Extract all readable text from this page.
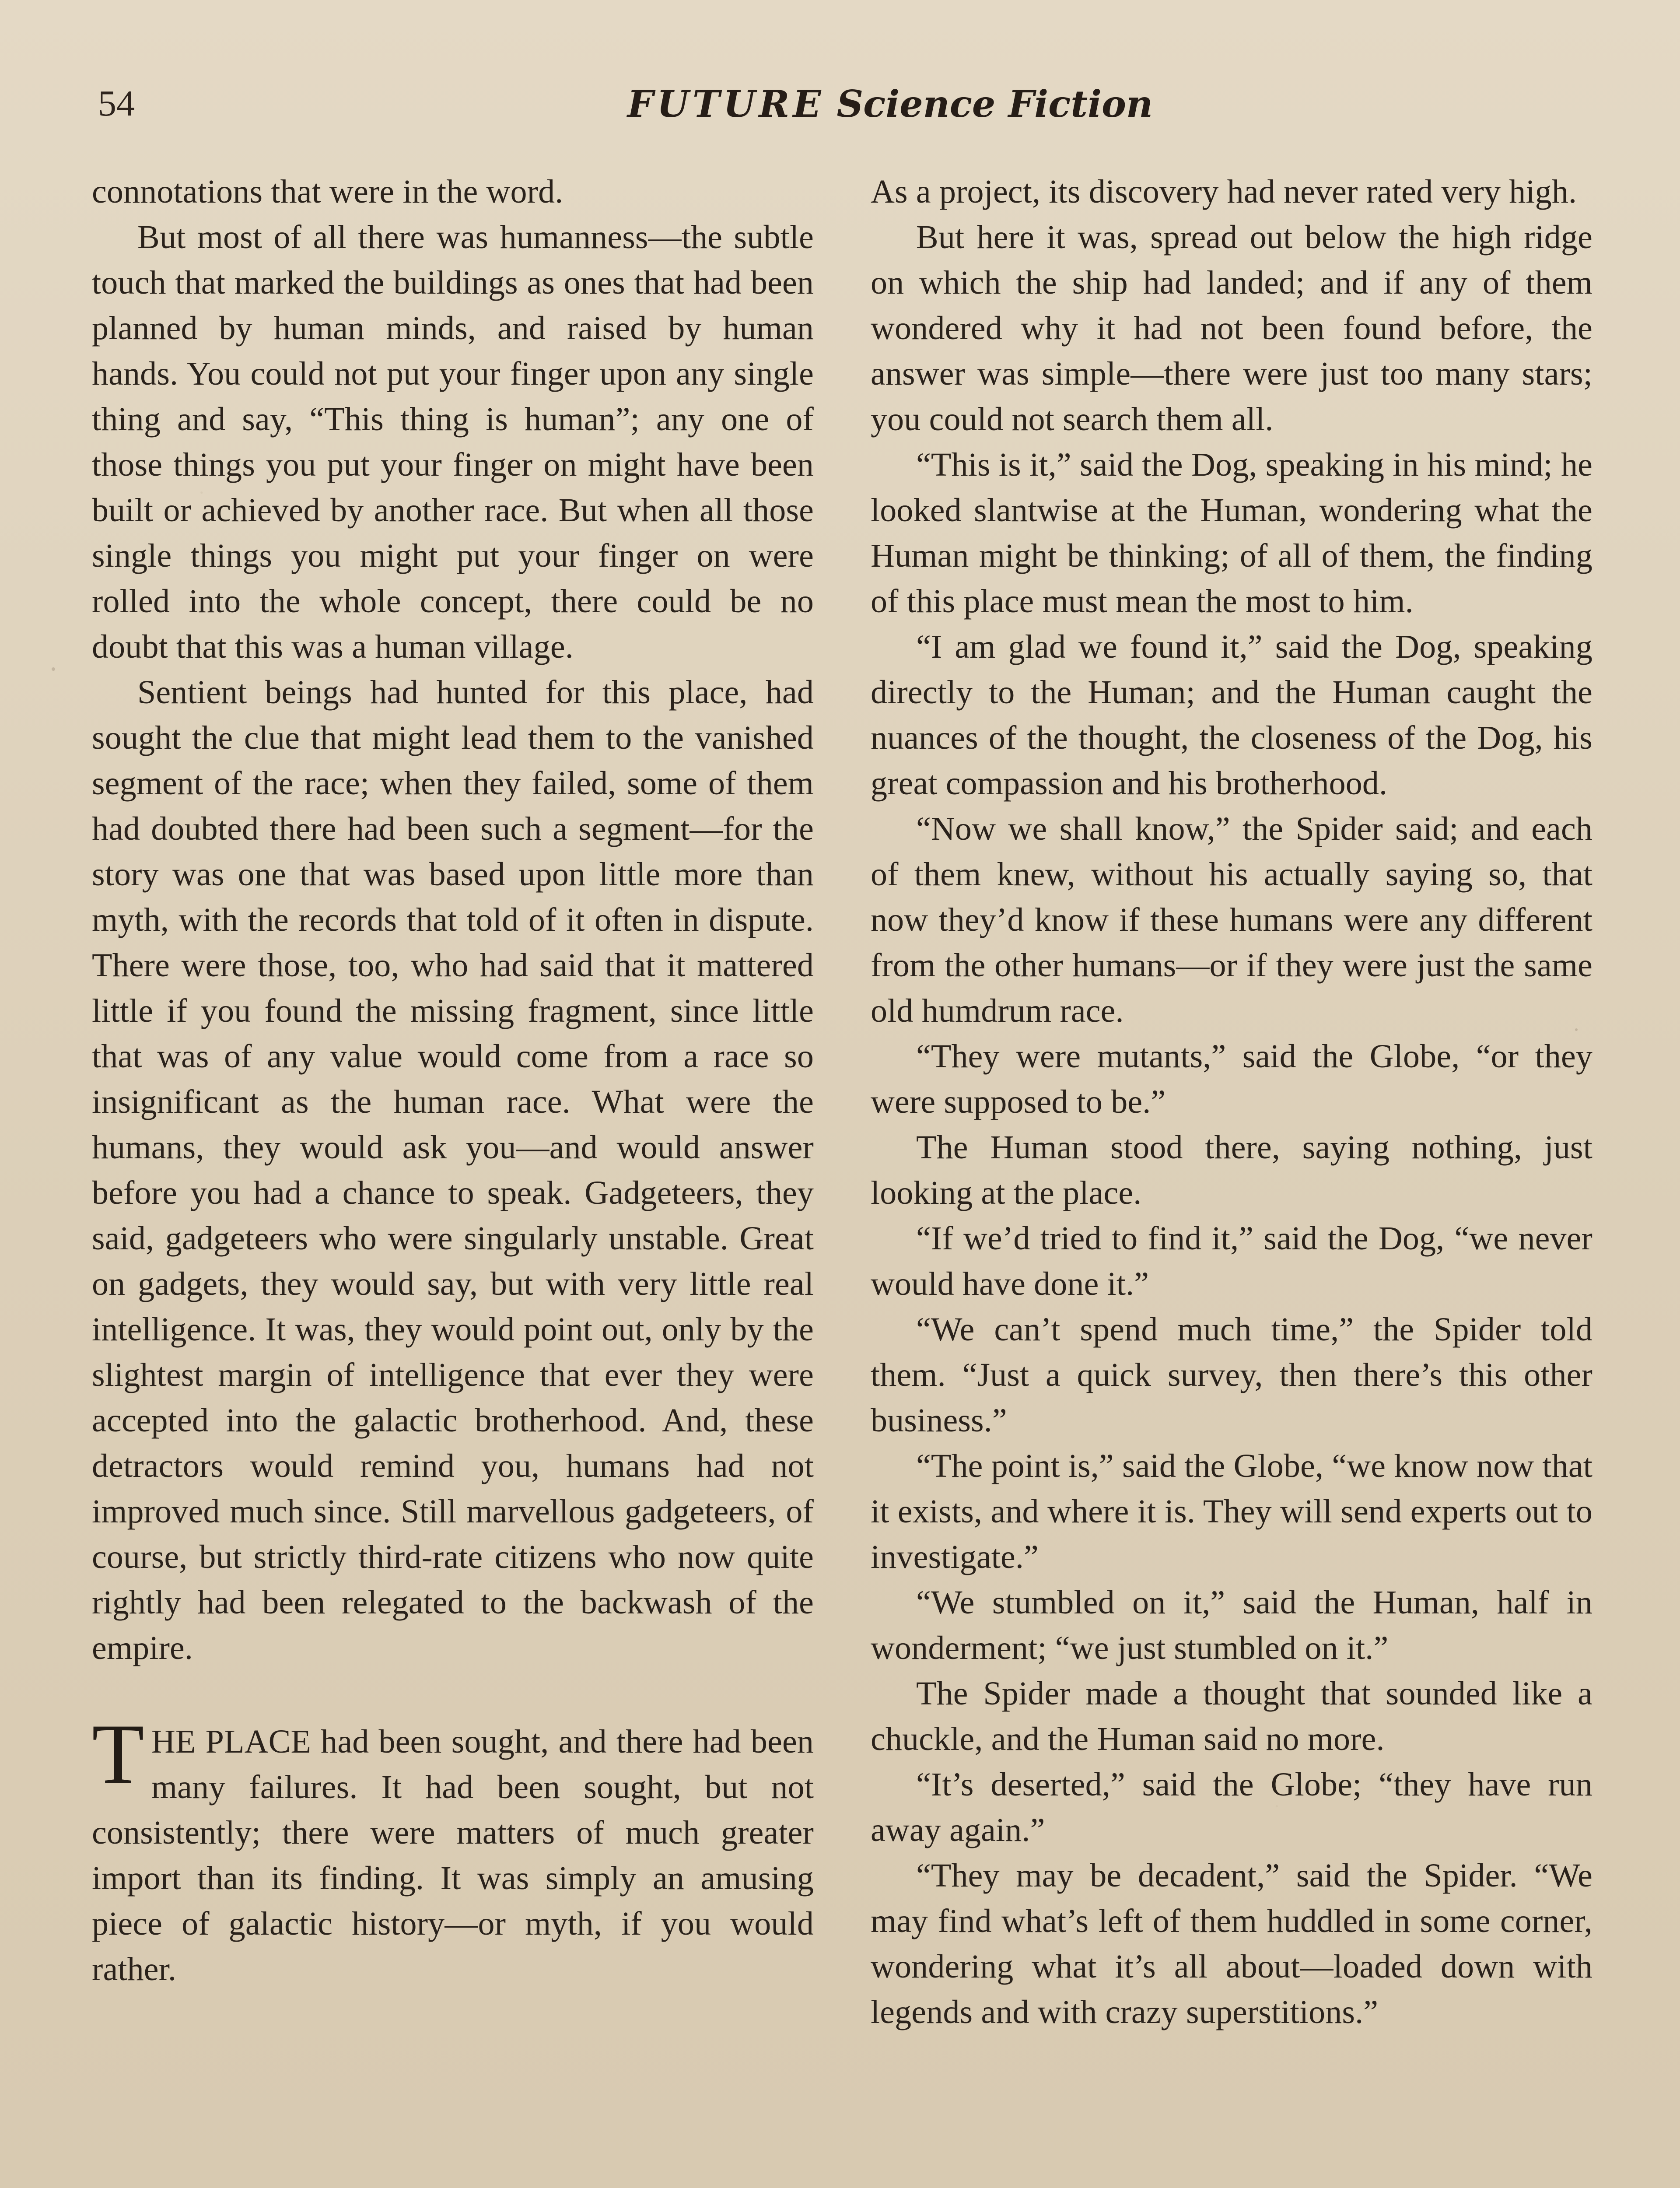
54	FUTURE Science Fiction

connotations that were in the word.

But most of all there was humanness—the subtle touch that marked the buildings as ones that had been planned by human minds, and raised by human hands. You could not put your finger upon any single thing and say, “This thing is human”; any one of those things you put your finger on might have been built or achieved by another race. But when all those single things you might put your finger on were rolled into the whole concept, there could be no doubt that this was a human village.

Sentient beings had hunted for this place, had sought the clue that might lead them to the vanished segment of the race; when they failed, some of them had doubted there had been such a segment—for the story was one that was based upon little more than myth, with the records that told of it often in dispute. There were those, too, who had said that it mattered little if you found the missing fragment, since little that was of any value would come from a race so insignificant as the human race. What were the humans, they would ask you—and would answer before you had a chance to speak. Gadgeteers, they said, gadgeteers who were singularly unstable. Great on gadgets, they would say, but with very little real intelligence. It was, they would point out, only by the slightest margin of intelligence that ever they were accepted into the galactic brotherhood. And, these detractors would remind you, humans had not improved much since. Still marvellous gadgeteers, of course, but strictly third-rate citizens who now quite rightly had been relegated to the backwash of the empire.

T HE PLACE had been sought, and there had been many failures. It had been sought, but not consistently; there were matters of much greater import than its finding. It was simply an amusing piece of galactic history—or myth, if you would rather.

As a project, its discovery had never rated very high.

But here it was, spread out below the high ridge on which the ship had landed; and if any of them wondered why it had not been found before, the answer was simple—there were just too many stars; you could not search them all.

“This is it,” said the Dog, speaking in his mind; he looked slantwise at the Human, wondering what the Human might be thinking; of all of them, the finding of this place must mean the most to him.

“I am glad we found it,” said the Dog, speaking directly to the Human; and the Human caught the nuances of the thought, the closeness of the Dog, his great compassion and his brotherhood.

“Now we shall know,” the Spider said; and each of them knew, without his actually saying so, that now they’d know if these humans were any different from the other humans—or if they were just the same old humdrum race.

“They were mutants,” said the Globe, “or they were supposed to be.”

The Human stood there, saying nothing, just looking at the place.

“If we’d tried to find it,” said the Dog, “we never would have done it.”

“We can’t spend much time,” the Spider told them. “Just a quick survey, then there’s this other business.”

“The point is,” said the Globe, “we know now that it exists, and where it is. They will send experts out to investigate.”

“We stumbled on it,” said the Human, half in wonderment; “we just stumbled on it.”

The Spider made a thought that sounded like a chuckle, and the Human said no more.

“It’s deserted,” said the Globe; “they have run away again.”

“They may be decadent,” said the Spider. “We may find what’s left of them huddled in some corner, wondering what it’s all about—loaded down with legends and with crazy superstitions.”
